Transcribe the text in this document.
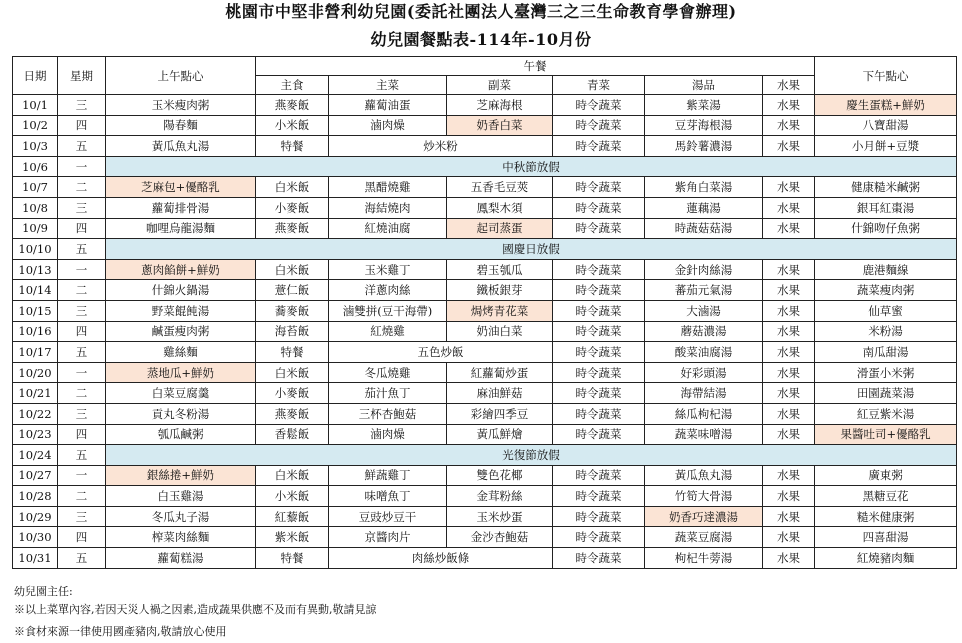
桃園市中堅非營利幼兒園(委託社團法人臺灣三之三生命教育學會辦理)
幼兒園餐點表-114年-10月份
日期	星期	上午點心	午餐						下午點心
			主食	主菜	副菜	青菜	湯品	水果	
10/1	三	玉米瘦肉粥	燕麥飯	蘿蔔油蛋	芝麻海根	時令蔬菜	紫菜湯	水果	慶生蛋糕+鮮奶
10/2	四	陽春麵	小米飯	滷肉燥	奶香白菜	時令蔬菜	豆芽海根湯	水果	八寶甜湯
10/3	五	黃瓜魚丸湯	特餐	炒米粉		時令蔬菜	馬鈴薯濃湯	水果	小月餅+豆漿
10/6	一	中秋節放假							
10/7	二	芝麻包+優酪乳	白米飯	黑醋燒雞	五香毛豆莢	時令蔬菜	紫角白菜湯	水果	健康糙米鹹粥
10/8	三	蘿蔔排骨湯	小麥飯	海結燒肉	鳳梨木須	時令蔬菜	蓮藕湯	水果	銀耳紅棗湯
10/9	四	咖哩烏龍湯麵	燕麥飯	紅燒油腐	起司蒸蛋	時令蔬菜	時蔬菇菇湯	水果	什錦吻仔魚粥
10/10	五	國慶日放假							
10/13	一	蔥肉餡餅+鮮奶	白米飯	玉米雞丁	碧玉瓠瓜	時令蔬菜	金針肉絲湯	水果	鹿港麵線
10/14	二	什錦火鍋湯	薏仁飯	洋蔥肉絲	鐵板銀芽	時令蔬菜	蕃茄元氣湯	水果	蔬菜瘦肉粥
10/15	三	野菜餛飩湯	蕎麥飯	滷雙拼(豆干海帶)	焗烤青花菜	時令蔬菜	大滷湯	水果	仙草蜜
10/16	四	鹹蛋瘦肉粥	海苔飯	紅燒雞	奶油白菜	時令蔬菜	蘑菇濃湯	水果	米粉湯
10/17	五	雞絲麵	特餐	五色炒飯		時令蔬菜	酸菜油腐湯	水果	南瓜甜湯
10/20	一	蒸地瓜+鮮奶	白米飯	冬瓜燒雞	紅蘿蔔炒蛋	時令蔬菜	好彩頭湯	水果	滑蛋小米粥
10/21	二	白菜豆腐羹	小麥飯	茄汁魚丁	麻油鮮菇	時令蔬菜	海帶結湯	水果	田園蔬菜湯
10/22	三	貢丸冬粉湯	燕麥飯	三杯杏鮑菇	彩繪四季豆	時令蔬菜	絲瓜枸杞湯	水果	紅豆紫米湯
10/23	四	瓠瓜鹹粥	香鬆飯	滷肉燥	黃瓜鮮燴	時令蔬菜	蔬菜味噌湯	水果	果醬吐司+優酪乳
10/24	五	光復節放假							
10/27	一	銀絲捲+鮮奶	白米飯	鮮蔬雞丁	雙色花椰	時令蔬菜	黃瓜魚丸湯	水果	廣東粥
10/28	二	白玉雞湯	小米飯	味噌魚丁	金茸粉絲	時令蔬菜	竹筍大骨湯	水果	黑糖豆花
10/29	三	冬瓜丸子湯	紅藜飯	豆豉炒豆干	玉米炒蛋	時令蔬菜	奶香巧達濃湯	水果	糙米健康粥
10/30	四	榨菜肉絲麵	紫米飯	京醬肉片	金沙杏鮑菇	時令蔬菜	蔬菜豆腐湯	水果	四喜甜湯
10/31	五	蘿蔔糕湯	特餐	肉絲炒飯條		時令蔬菜	枸杞牛蒡湯	水果	紅燒豬肉麵
幼兒園主任:
※以上菜單內容,若因天災人禍之因素,造成蔬果供應不及而有異動,敬請見諒
※食材來源一律使用國產豬肉,敬請放心使用
